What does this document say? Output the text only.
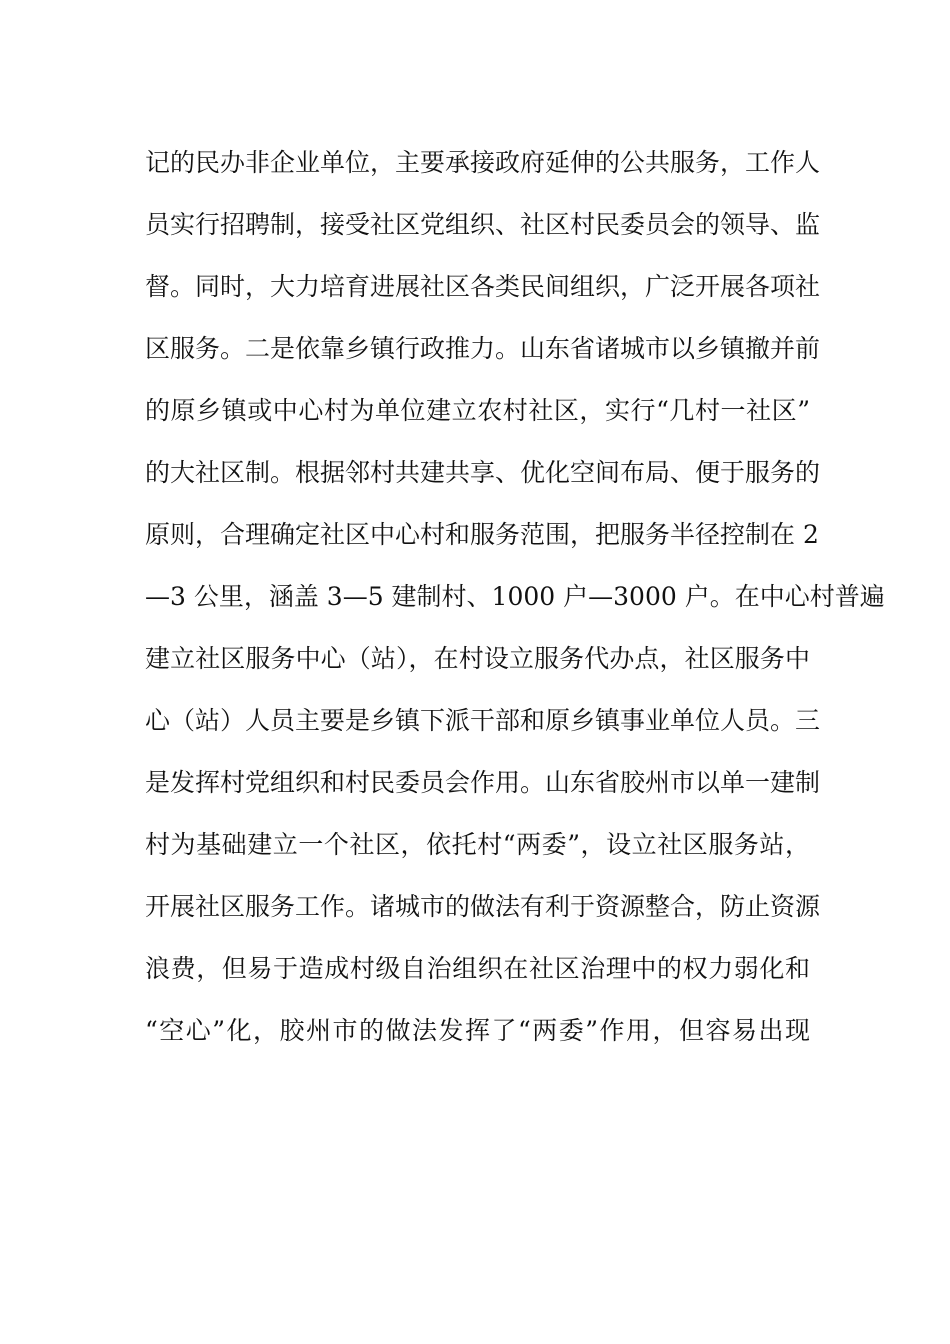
记的民办非企业单位，主要承接政府延伸的公共服务，工作人
员实行招聘制，接受社区党组织、社区村民委员会的领导、监
督。同时，大力培育进展社区各类民间组织，广泛开展各项社
区服务。二是依靠乡镇行政推力。山东省诸城市以乡镇撤并前
的原乡镇或中心村为单位建立农村社区，实行“几村一社区”
的大社区制。根据邻村共建共享、优化空间布局、便于服务的
原则，合理确定社区中心村和服务范围，把服务半径控制在 2
—3 公里，涵盖 3—5 建制村、1000 户—3000 户。在中心村普遍
建立社区服务中心（站），在村设立服务代办点，社区服务中
心（站）人员主要是乡镇下派干部和原乡镇事业单位人员。三
是发挥村党组织和村民委员会作用。山东省胶州市以单一建制
村为基础建立一个社区，依托村“两委”，设立社区服务站，
开展社区服务工作。诸城市的做法有利于资源整合，防止资源
浪费，但易于造成村级自治组织在社区治理中的权力弱化和
“空心”化，胶州市的做法发挥了“两委”作用，但容易出现
